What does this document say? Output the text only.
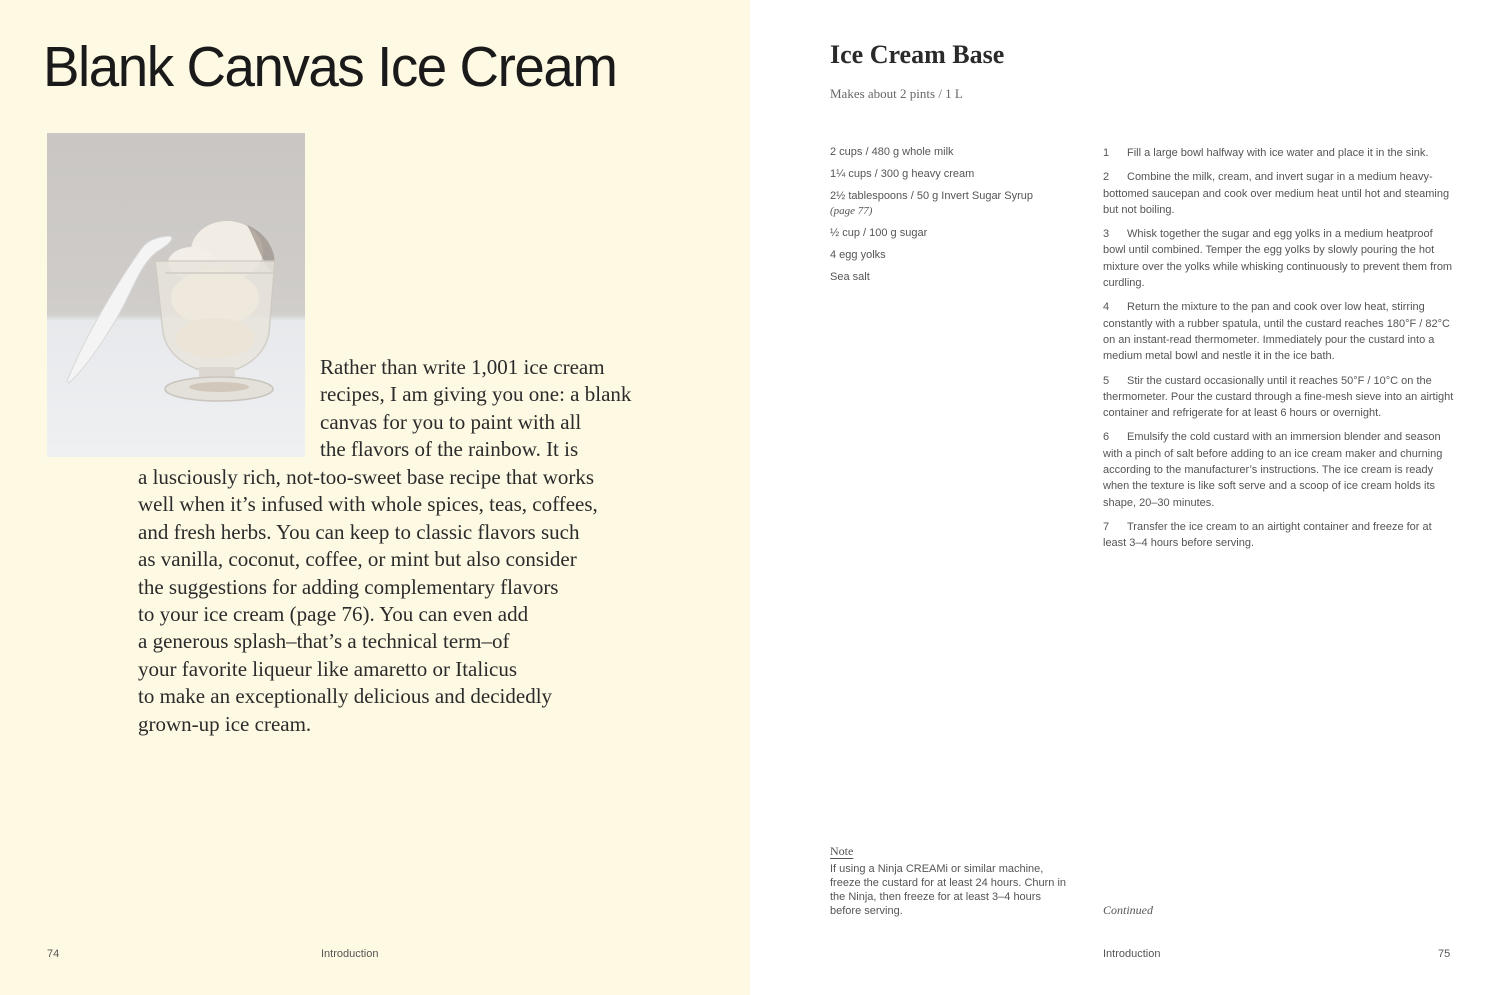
Blank Canvas Ice Cream
Rather than write 1,001 ice cream
recipes, I am giving you one: a blank
canvas for you to paint with all
the flavors of the rainbow. It is
a lusciously rich, not-too-sweet base recipe that works
well when it’s infused with whole spices, teas, coffees,
and fresh herbs. You can keep to classic flavors such
as vanilla, coconut, coffee, or mint but also consider
the suggestions for adding complementary flavors
to your ice cream (page 76). You can even add
a generous splash–that’s a technical term–of
your favorite liqueur like amaretto or Italicus
to make an exceptionally delicious and decidedly
grown-up ice cream.
74	Introduction
Ice Cream Base
Makes about 2 pints / 1 L
2 cups / 480 g whole milk
1¼ cups / 300 g heavy cream
2½ tablespoons / 50 g Invert Sugar Syrup
(page 77)
½ cup / 100 g sugar
4 egg yolks
Sea salt
1 Fill a large bowl halfway with ice water and place it in the sink.
2 Combine the milk, cream, and invert sugar in a medium heavy-bottomed saucepan and cook over medium heat until hot and steaming but not boiling.
3 Whisk together the sugar and egg yolks in a medium heatproof bowl until combined. Temper the egg yolks by slowly pouring the hot mixture over the yolks while whisking continuously to prevent them from curdling.
4 Return the mixture to the pan and cook over low heat, stirring constantly with a rubber spatula, until the custard reaches 180°F / 82°C on an instant-read thermometer. Immediately pour the custard into a medium metal bowl and nestle it in the ice bath.
5 Stir the custard occasionally until it reaches 50°F / 10°C on the thermometer. Pour the custard through a fine-mesh sieve into an airtight container and refrigerate for at least 6 hours or overnight.
6 Emulsify the cold custard with an immersion blender and season with a pinch of salt before adding to an ice cream maker and churning according to the manufacturer’s instructions. The ice cream is ready when the texture is like soft serve and a scoop of ice cream holds its shape, 20–30 minutes.
7 Transfer the ice cream to an airtight container and freeze for at least 3–4 hours before serving.
Note
If using a Ninja CREAMi or similar machine, freeze the custard for at least 24 hours. Churn in the Ninja, then freeze for at least 3–4 hours before serving.	Continued
Introduction	75
